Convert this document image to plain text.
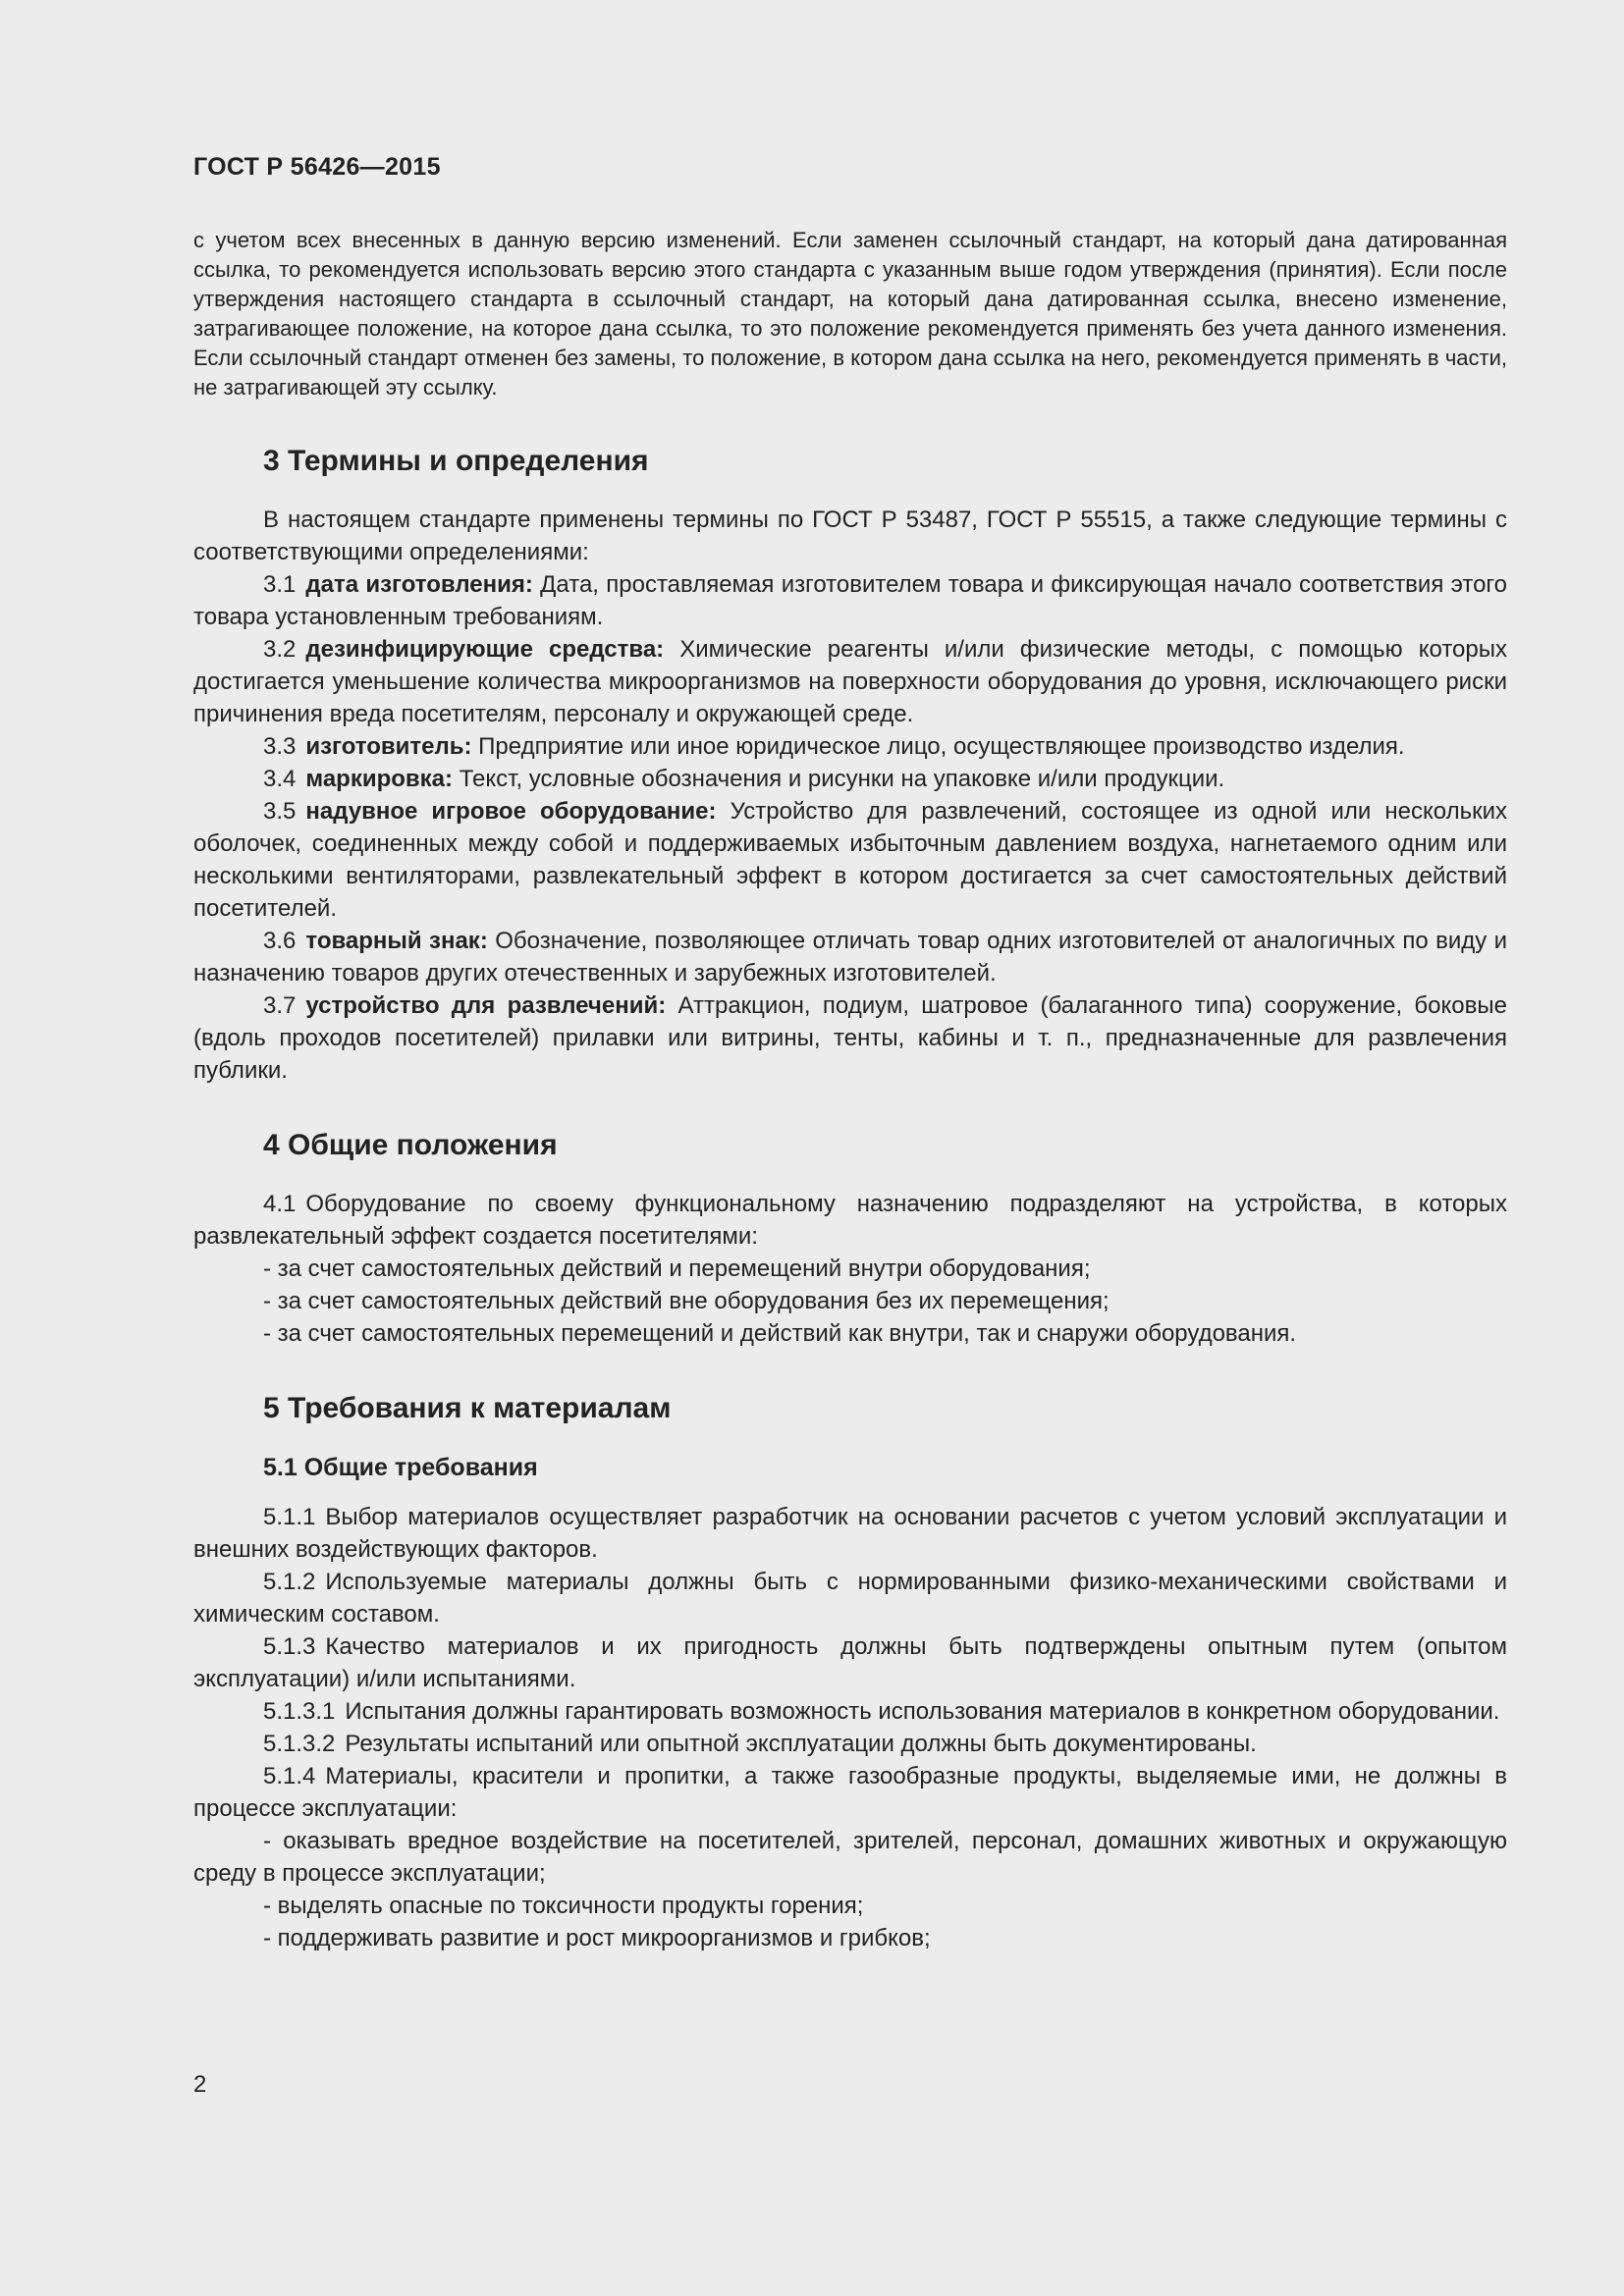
ГОСТ Р 56426—2015
с учетом всех внесенных в данную версию изменений. Если заменен ссылочный стандарт, на который дана датированная ссылка, то рекомендуется использовать версию этого стандарта с указанным выше годом утверждения (принятия). Если после утверждения настоящего стандарта в ссылочный стандарт, на который дана датированная ссылка, внесено изменение, затрагивающее положение, на которое дана ссылка, то это положение рекомендуется применять без учета данного изменения. Если ссылочный стандарт отменен без замены, то положение, в котором дана ссылка на него, рекомендуется применять в части, не затрагивающей эту ссылку.
3 Термины и определения
В настоящем стандарте применены термины по ГОСТ Р 53487, ГОСТ Р 55515, а также следующие термины с соответствующими определениями:
3.1 дата изготовления: Дата, проставляемая изготовителем товара и фиксирующая начало соответствия этого товара установленным требованиям.
3.2 дезинфицирующие средства: Химические реагенты и/или физические методы, с помощью которых достигается уменьшение количества микроорганизмов на поверхности оборудования до уровня, исключающего риски причинения вреда посетителям, персоналу и окружающей среде.
3.3 изготовитель: Предприятие или иное юридическое лицо, осуществляющее производство изделия.
3.4 маркировка: Текст, условные обозначения и рисунки на упаковке и/или продукции.
3.5 надувное игровое оборудование: Устройство для развлечений, состоящее из одной или нескольких оболочек, соединенных между собой и поддерживаемых избыточным давлением воздуха, нагнетаемого одним или несколькими вентиляторами, развлекательный эффект в котором достигается за счет самостоятельных действий посетителей.
3.6 товарный знак: Обозначение, позволяющее отличать товар одних изготовителей от аналогичных по виду и назначению товаров других отечественных и зарубежных изготовителей.
3.7 устройство для развлечений: Аттракцион, подиум, шатровое (балаганного типа) сооружение, боковые (вдоль проходов посетителей) прилавки или витрины, тенты, кабины и т. п., предназначенные для развлечения публики.
4 Общие положения
4.1 Оборудование по своему функциональному назначению подразделяют на устройства, в которых развлекательный эффект создается посетителями:
- за счет самостоятельных действий и перемещений внутри оборудования;
- за счет самостоятельных действий вне оборудования без их перемещения;
- за счет самостоятельных перемещений и действий как внутри, так и снаружи оборудования.
5 Требования к материалам
5.1 Общие требования
5.1.1 Выбор материалов осуществляет разработчик на основании расчетов с учетом условий эксплуатации и внешних воздействующих факторов.
5.1.2 Используемые материалы должны быть с нормированными физико-механическими свойствами и химическим составом.
5.1.3 Качество материалов и их пригодность должны быть подтверждены опытным путем (опытом эксплуатации) и/или испытаниями.
5.1.3.1 Испытания должны гарантировать возможность использования материалов в конкретном оборудовании.
5.1.3.2 Результаты испытаний или опытной эксплуатации должны быть документированы.
5.1.4 Материалы, красители и пропитки, а также газообразные продукты, выделяемые ими, не должны в процессе эксплуатации:
- оказывать вредное воздействие на посетителей, зрителей, персонал, домашних животных и окружающую среду в процессе эксплуатации;
- выделять опасные по токсичности продукты горения;
- поддерживать развитие и рост микроорганизмов и грибков;
2
